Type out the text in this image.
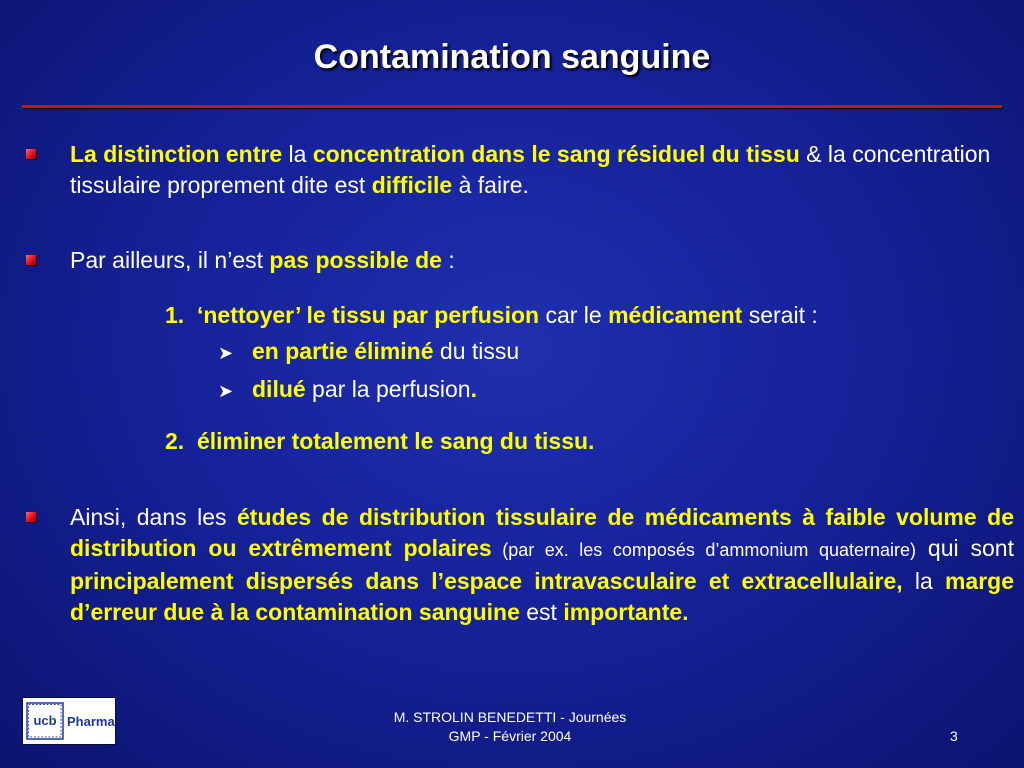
Contamination sanguine
La distinction entre la concentration dans le sang résiduel du tissu & la concentration tissulaire proprement dite est difficile à faire.
Par ailleurs, il n’est pas possible de :
1. ‘nettoyer’ le tissu par perfusion car le médicament serait :
➤ en partie éliminé du tissu
➤ dilué par la perfusion.
2. éliminer totalement le sang du tissu.
Ainsi, dans les études de distribution tissulaire de médicaments à faible volume de distribution ou extrêmement polaires (par ex. les composés d’ammonium quaternaire) qui sont principalement dispersés dans l’espace intravasculaire et extracellulaire, la marge d’erreur due à la contamination sanguine est importante.
ucb Pharma	M. STROLIN BENEDETTI - Journées
GMP - Février 2004	3
